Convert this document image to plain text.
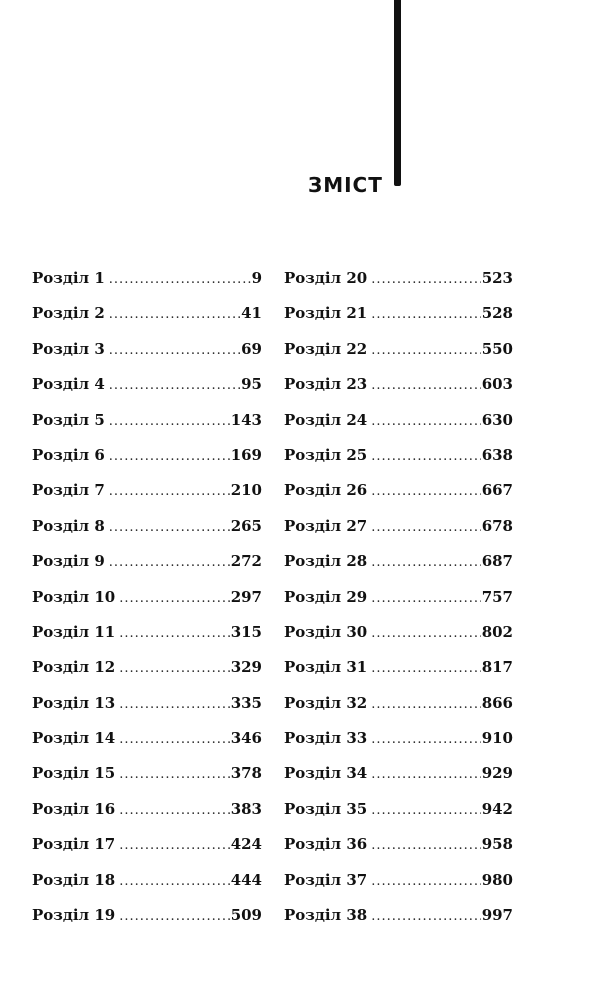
ЗМІСТ
Розділ 1 .....	9
Розділ 2 .....	41
Розділ 3 .....	69
Розділ 4 .....	95
Розділ 5 .....	143
Розділ 6 .....	169
Розділ 7 .....	210
Розділ 8 .....	265
Розділ 9 .....	272
Розділ 10 .....	297
Розділ 11 .....	315
Розділ 12 .....	329
Розділ 13 .....	335
Розділ 14 .....	346
Розділ 15 .....	378
Розділ 16 .....	383
Розділ 17 .....	424
Розділ 18 .....	444
Розділ 19 .....	509
Розділ 20 .....	523
Розділ 21 .....	528
Розділ 22 .....	550
Розділ 23 .....	603
Розділ 24 .....	630
Розділ 25 .....	638
Розділ 26 .....	667
Розділ 27 .....	678
Розділ 28 .....	687
Розділ 29 .....	757
Розділ 30 .....	802
Розділ 31 .....	817
Розділ 32 .....	866
Розділ 33 .....	910
Розділ 34 .....	929
Розділ 35 .....	942
Розділ 36 .....	958
Розділ 37 .....	980
Розділ 38 .....	997
